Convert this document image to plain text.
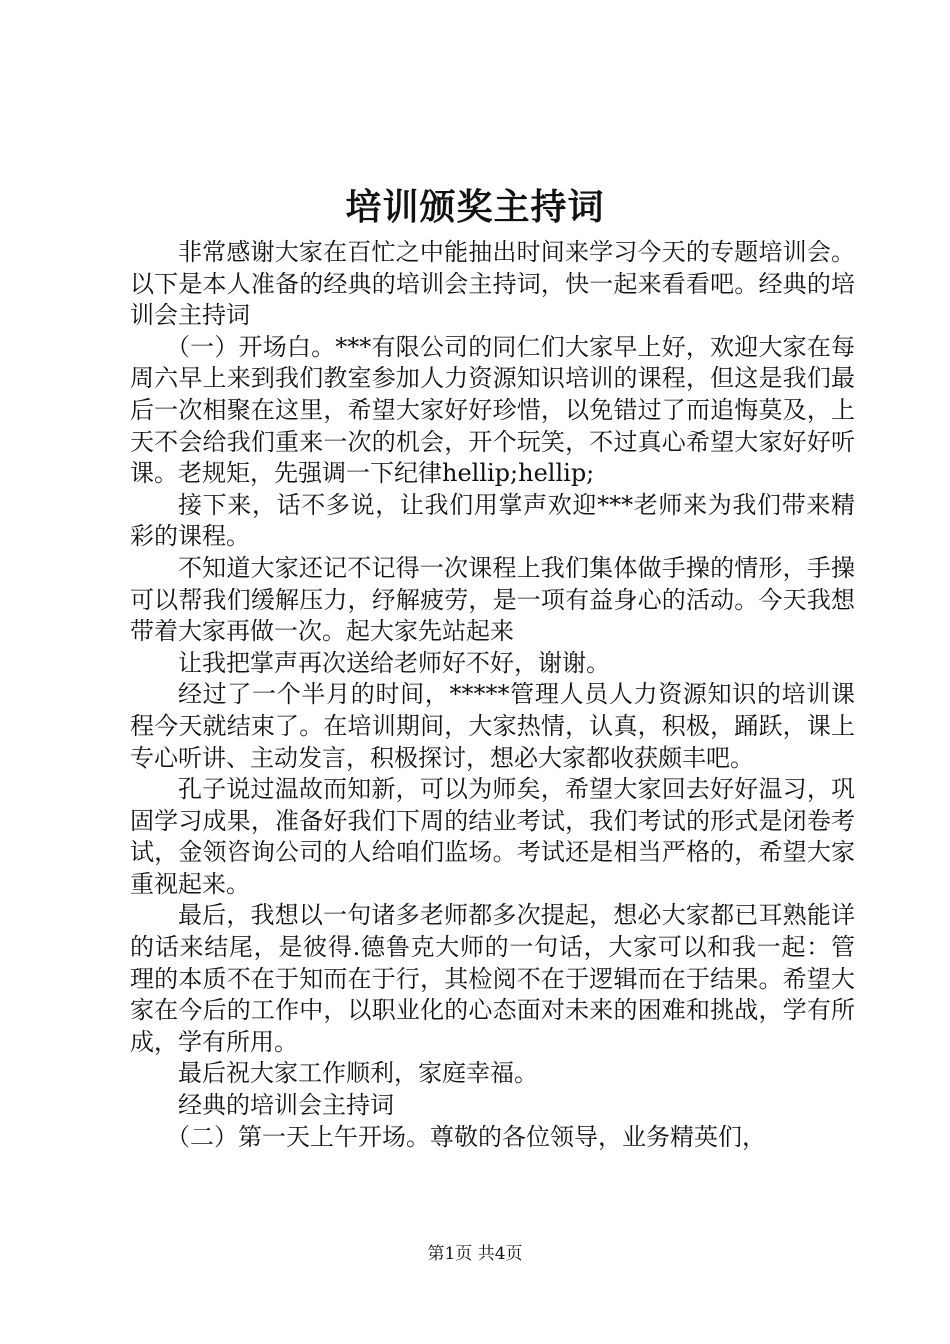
培训颁奖主持词

非常感谢大家在百忙之中能抽出时间来学习今天的专题培训会。以下是本人准备的经典的培训会主持词，快一起来看看吧。经典的培训会主持词

（一）开场白。***有限公司的同仁们大家早上好，欢迎大家在每周六早上来到我们教室参加人力资源知识培训的课程，但这是我们最后一次相聚在这里，希望大家好好珍惜，以免错过了而追悔莫及，上天不会给我们重来一次的机会，开个玩笑，不过真心希望大家好好听课。老规矩，先强调一下纪律hellip;hellip;

接下来，话不多说，让我们用掌声欢迎***老师来为我们带来精彩的课程。

不知道大家还记不记得一次课程上我们集体做手操的情形，手操可以帮我们缓解压力，纾解疲劳，是一项有益身心的活动。今天我想带着大家再做一次。起大家先站起来

让我把掌声再次送给老师好不好，谢谢。

经过了一个半月的时间，*****管理人员人力资源知识的培训课程今天就结束了。在培训期间，大家热情，认真，积极，踊跃，课上专心听讲、主动发言，积极探讨，想必大家都收获颇丰吧。

孔子说过温故而知新，可以为师矣，希望大家回去好好温习，巩固学习成果，准备好我们下周的结业考试，我们考试的形式是闭卷考试，金领咨询公司的人给咱们监场。考试还是相当严格的，希望大家重视起来。

最后，我想以一句诸多老师都多次提起，想必大家都已耳熟能详的话来结尾，是彼得.德鲁克大师的一句话，大家可以和我一起：管理的本质不在于知而在于行，其检阅不在于逻辑而在于结果。希望大家在今后的工作中，以职业化的心态面对未来的困难和挑战，学有所成，学有所用。

最后祝大家工作顺利，家庭幸福。

经典的培训会主持词

（二）第一天上午开场。尊敬的各位领导，业务精英们，

第1页 共4页
